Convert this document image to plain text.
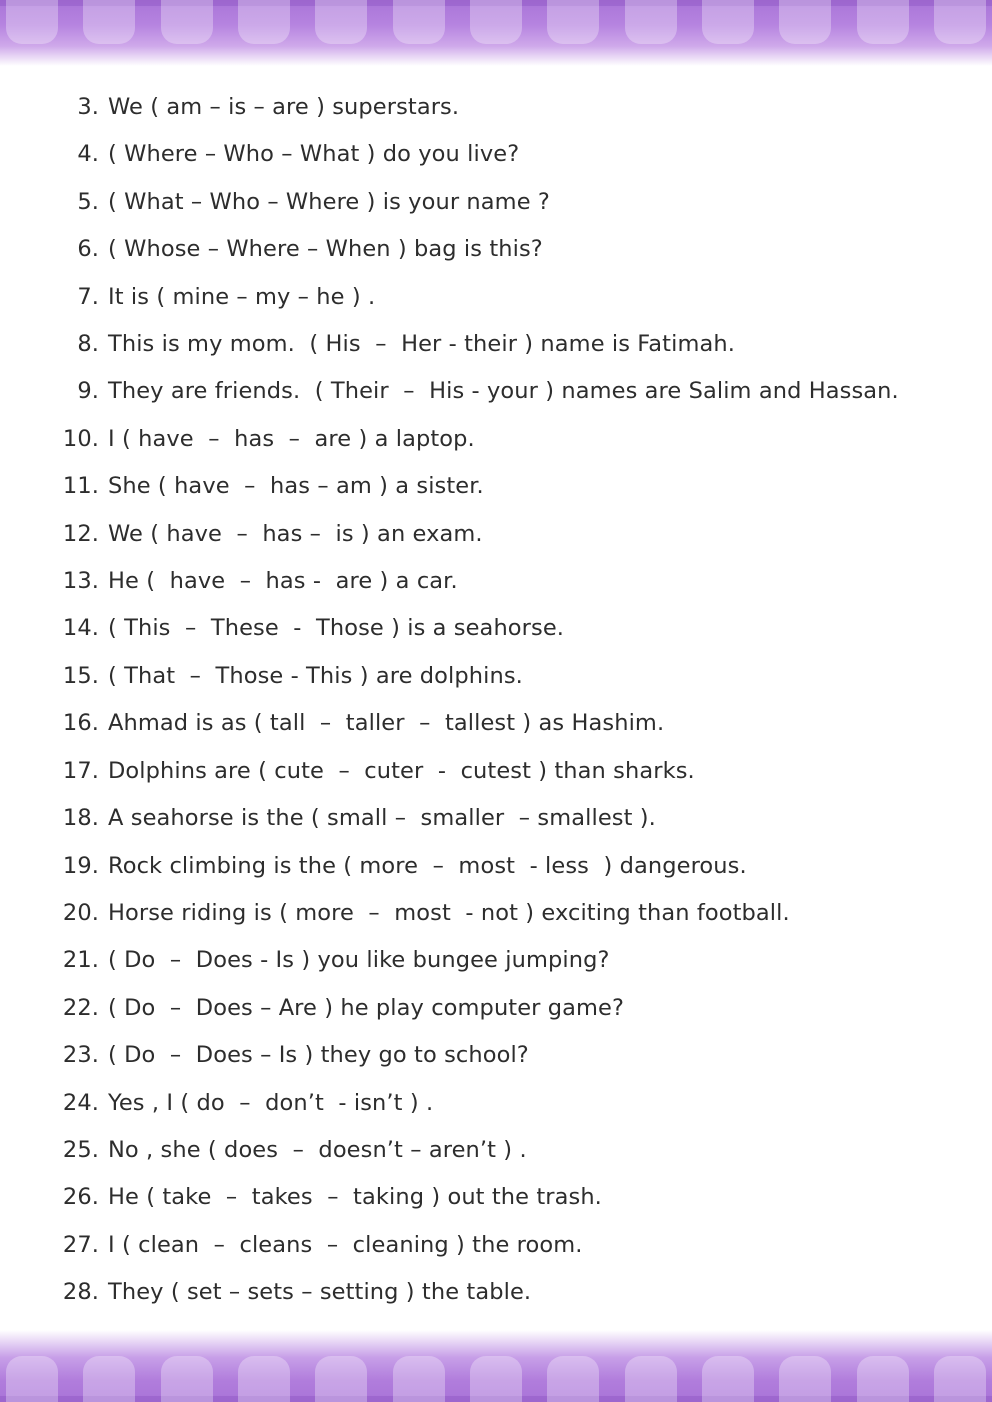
3. We ( am – is – are ) superstars.
4. ( Where – Who – What ) do you live?
5. ( What – Who – Where ) is your name ?
6. ( Whose – Where – When ) bag is this?
7. It is ( mine – my – he ) .
8. This is my mom.  ( His  –  Her - their ) name is Fatimah.
9. They are friends.  ( Their  –  His - your ) names are Salim and Hassan.
10. I ( have  –  has  –  are ) a laptop.
11. She ( have  –  has – am ) a sister.
12. We ( have  –  has –  is ) an exam.
13. He (  have  –  has -  are ) a car.
14. ( This  –  These  -  Those ) is a seahorse.
15. ( That  –  Those - This ) are dolphins.
16. Ahmad is as ( tall  –  taller  –  tallest ) as Hashim.
17. Dolphins are ( cute  –  cuter  -  cutest ) than sharks.
18. A seahorse is the ( small –  smaller  – smallest ).
19. Rock climbing is the ( more  –  most  - less  ) dangerous.
20. Horse riding is ( more  –  most  - not ) exciting than football.
21. ( Do  –  Does - Is ) you like bungee jumping?
22. ( Do  –  Does – Are ) he play computer game?
23. ( Do  –  Does – Is ) they go to school?
24. Yes , I ( do  –  don’t  - isn’t ) .
25. No , she ( does  –  doesn’t – aren’t ) .
26. He ( take  –  takes  –  taking ) out the trash.
27. I ( clean  –  cleans  –  cleaning ) the room.
28. They ( set – sets – setting ) the table.
